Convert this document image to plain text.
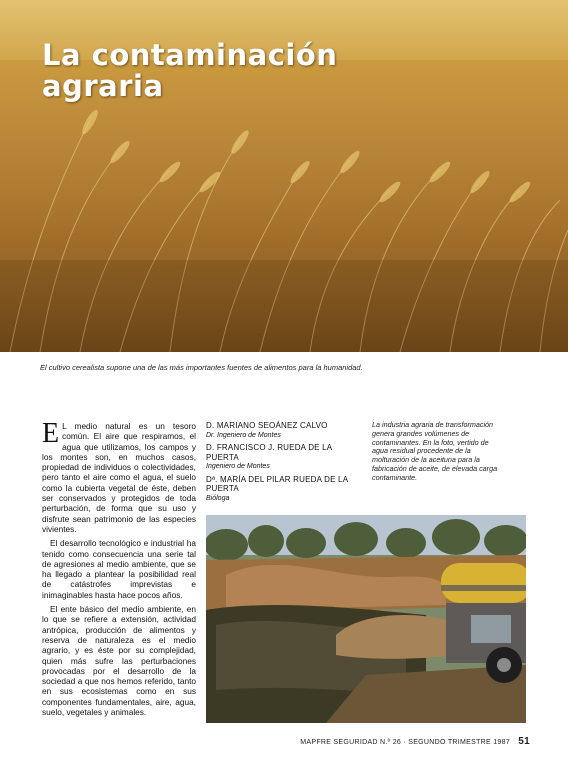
La contaminación
agraria
El cultivo cerealista supone una de las más importantes fuentes de alimentos para la humanidad.

E L medio natural es un tesoro común. El aire que respiramos, el agua que utilizamos, los campos y los montes son, en muchos casos, propiedad de individuos o colectividades, pero tanto el aire como el agua, el suelo como la cubierta vegetal de éste, deben ser conservados y protegidos de toda perturbación, de forma que su uso y disfrute sean patrimonio de las especies vivientes.

El desarrollo tecnológico e industrial ha tenido como consecuencia una serie tal de agresiones al medio ambiente, que se ha llegado a plantear la posibilidad real de catástrofes imprevistas e inimaginables hasta hace pocos años.

El ente básico del medio ambiente, en lo que se refiere a extensión, actividad antrópica, producción de alimentos y reserva de naturaleza es el medio agrario, y es éste por su complejidad, quien más sufre las perturbaciones provocadas por el desarrollo de la sociedad a que nos hemos referido, tanto en sus ecosistemas como en sus componentes fundamentales, aire, agua, suelo, vegetales y animales.

D. MARIANO SEOÁNEZ CALVO
Dr. Ingeniero de Montes
D. FRANCISCO J. RUEDA DE LA PUERTA
Ingeniero de Montes
Dª. MARÍA DEL PILAR RUEDA DE LA PUERTA
Bióloga
La industria agraria de transformación genera grandes volúmenes de contaminantes. En la foto, vertido de agua residual procedente de la molturación de la aceituna para la fabricación de aceite, de elevada carga contaminante.
MAPFRE SEGURIDAD N.º 26 · SEGUNDO TRIMESTRE 1987 51
